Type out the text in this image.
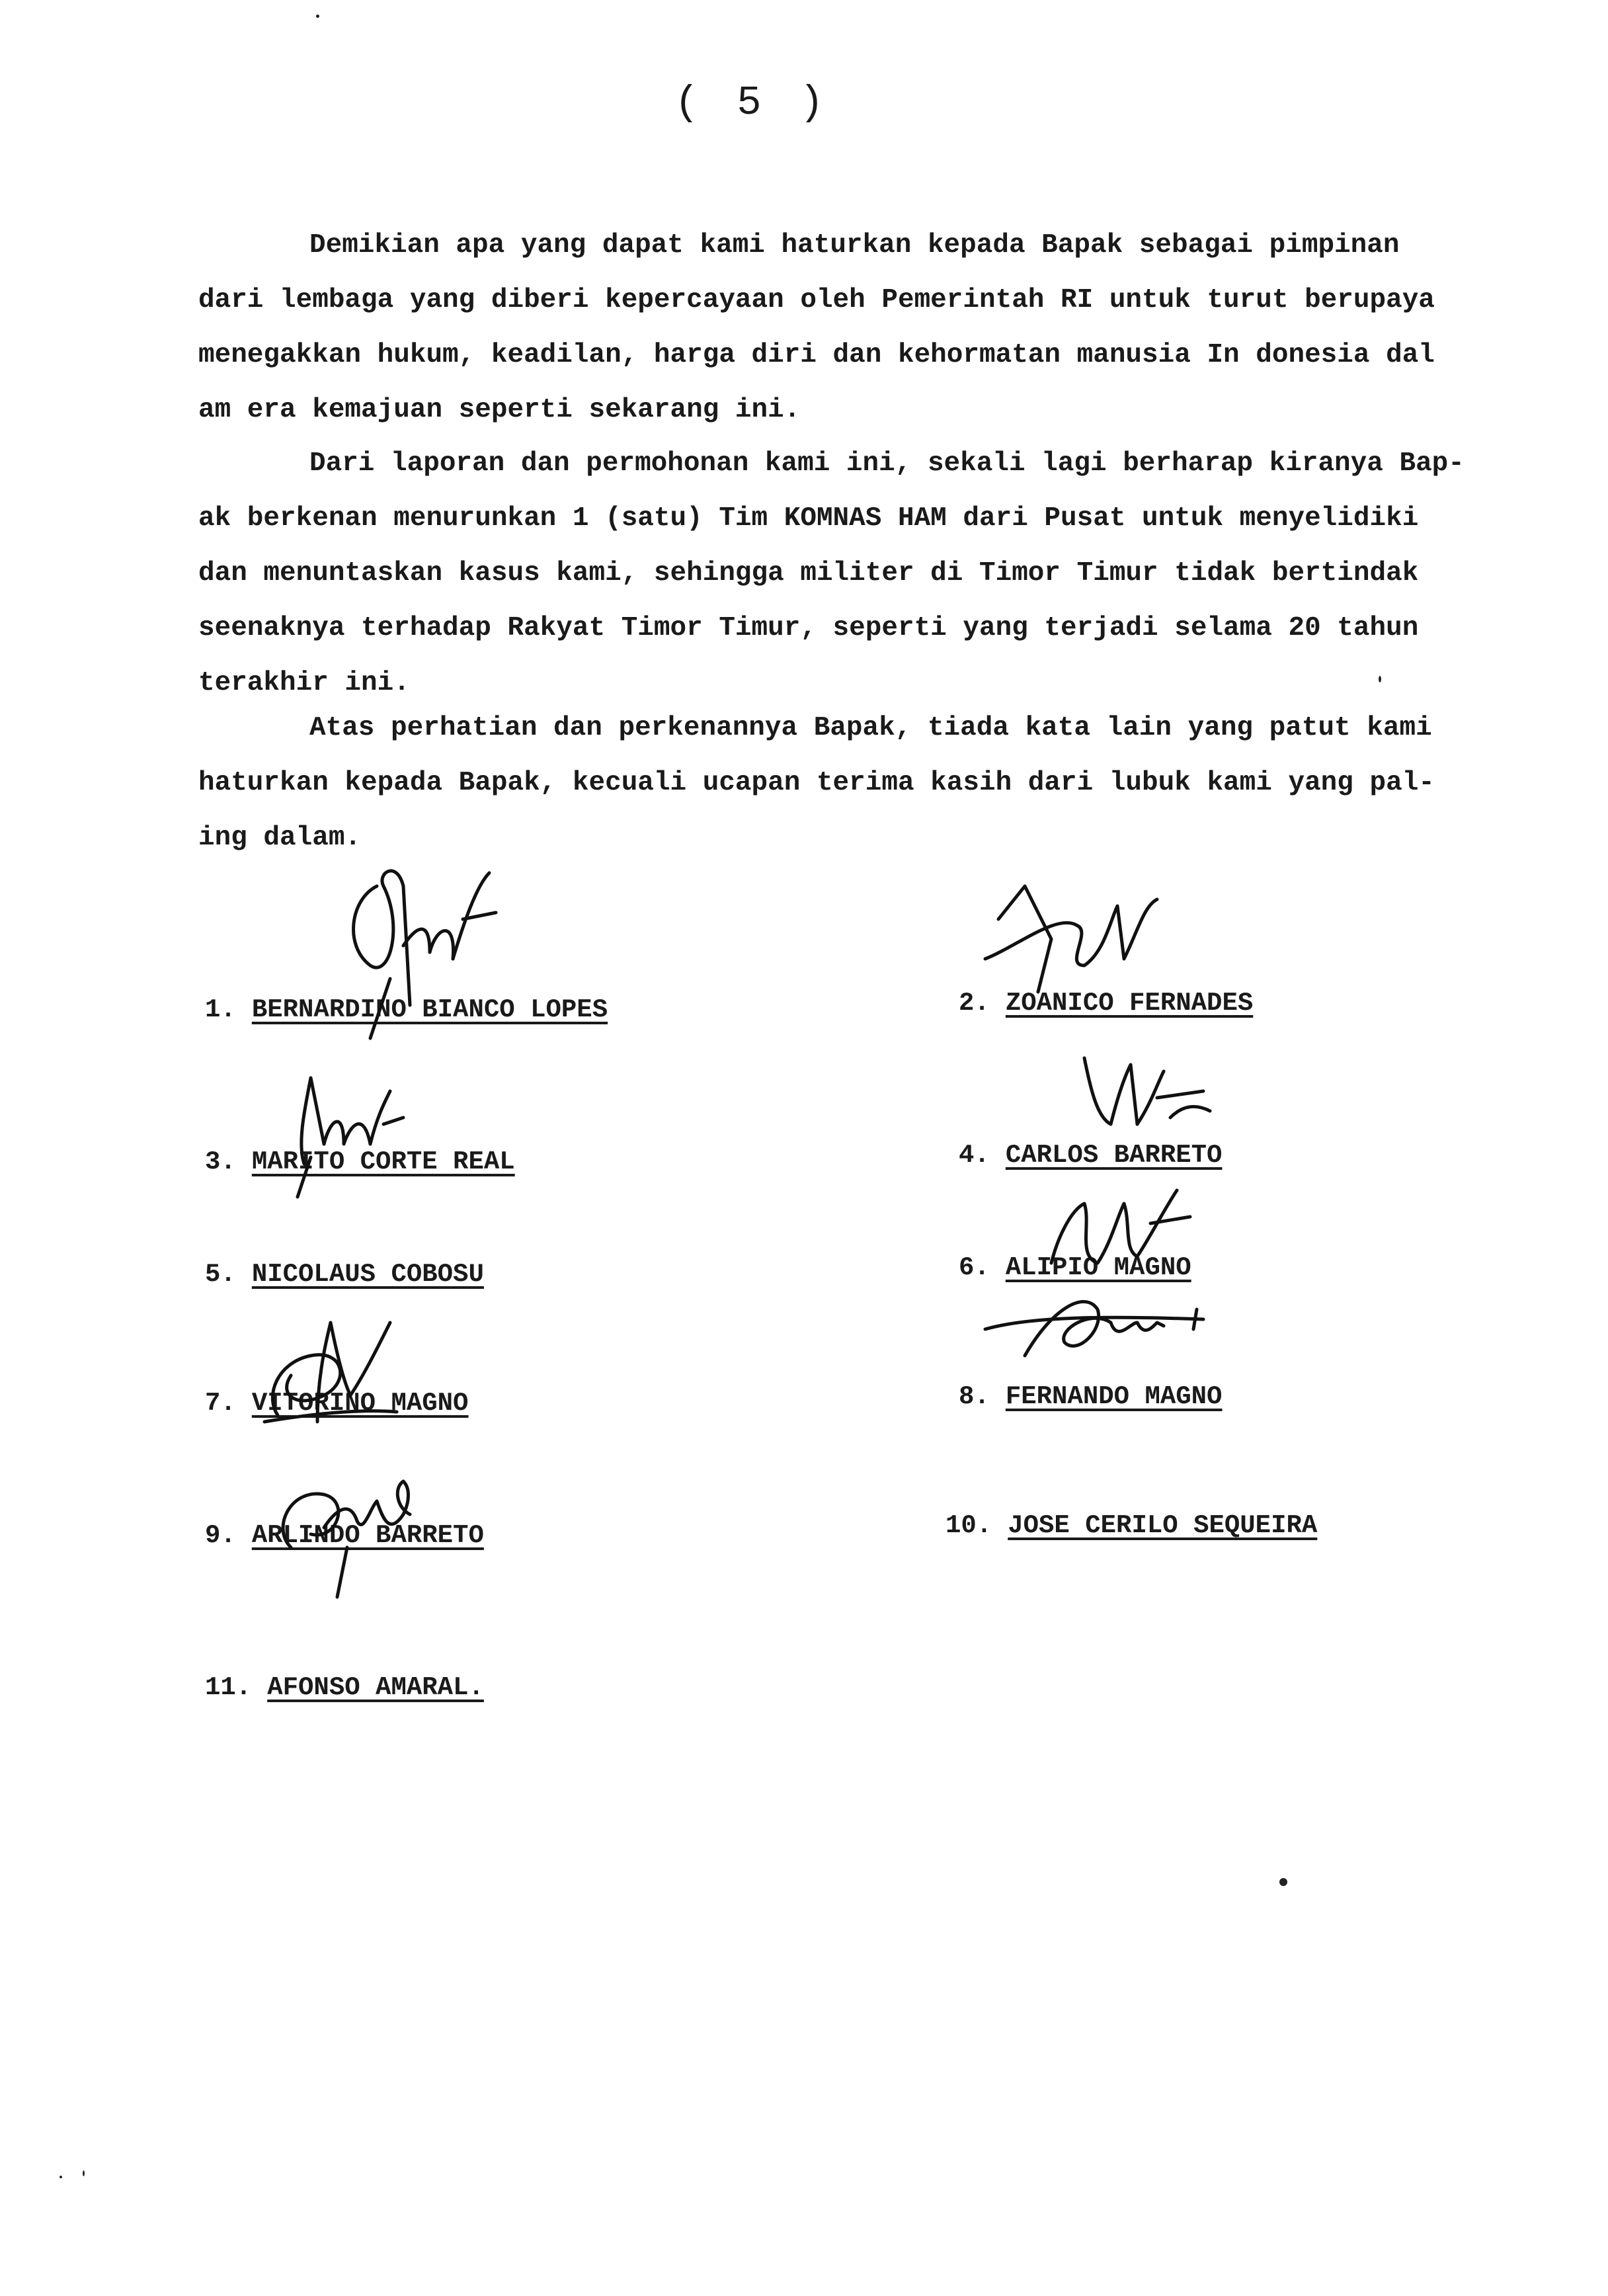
( 5 )
Demikian apa yang dapat kami haturkan kepada Bapak sebagai pimpinan
dari lembaga yang diberi kepercayaan oleh Pemerintah RI untuk turut berupaya
menegakkan hukum, keadilan, harga diri dan kehormatan manusia In donesia dal
am era kemajuan seperti sekarang ini.
Dari laporan dan permohonan kami ini, sekali lagi berharap kiranya Bap-
ak berkenan menurunkan 1 (satu) Tim KOMNAS HAM dari Pusat untuk menyelidiki
dan menuntaskan kasus kami, sehingga militer di Timor Timur tidak bertindak
seenaknya terhadap Rakyat Timor Timur, seperti yang terjadi selama 20 tahun
terakhir ini.
Atas perhatian dan perkenannya Bapak, tiada kata lain yang patut kami
haturkan kepada Bapak, kecuali ucapan terima kasih dari lubuk kami yang pal-
ing dalam.
1. BERNARDINO BIANCO LOPES	2. ZOANICO FERNADES
3. MARITO CORTE REAL	4. CARLOS BARRETO
5. NICOLAUS COBOSU	6. ALIPIO MAGNO
7. VITORINO MAGNO	8. FERNANDO MAGNO
9. ARLINDO BARRETO	10. JOSE CERILO SEQUEIRA
11. AFONSO AMARAL.
